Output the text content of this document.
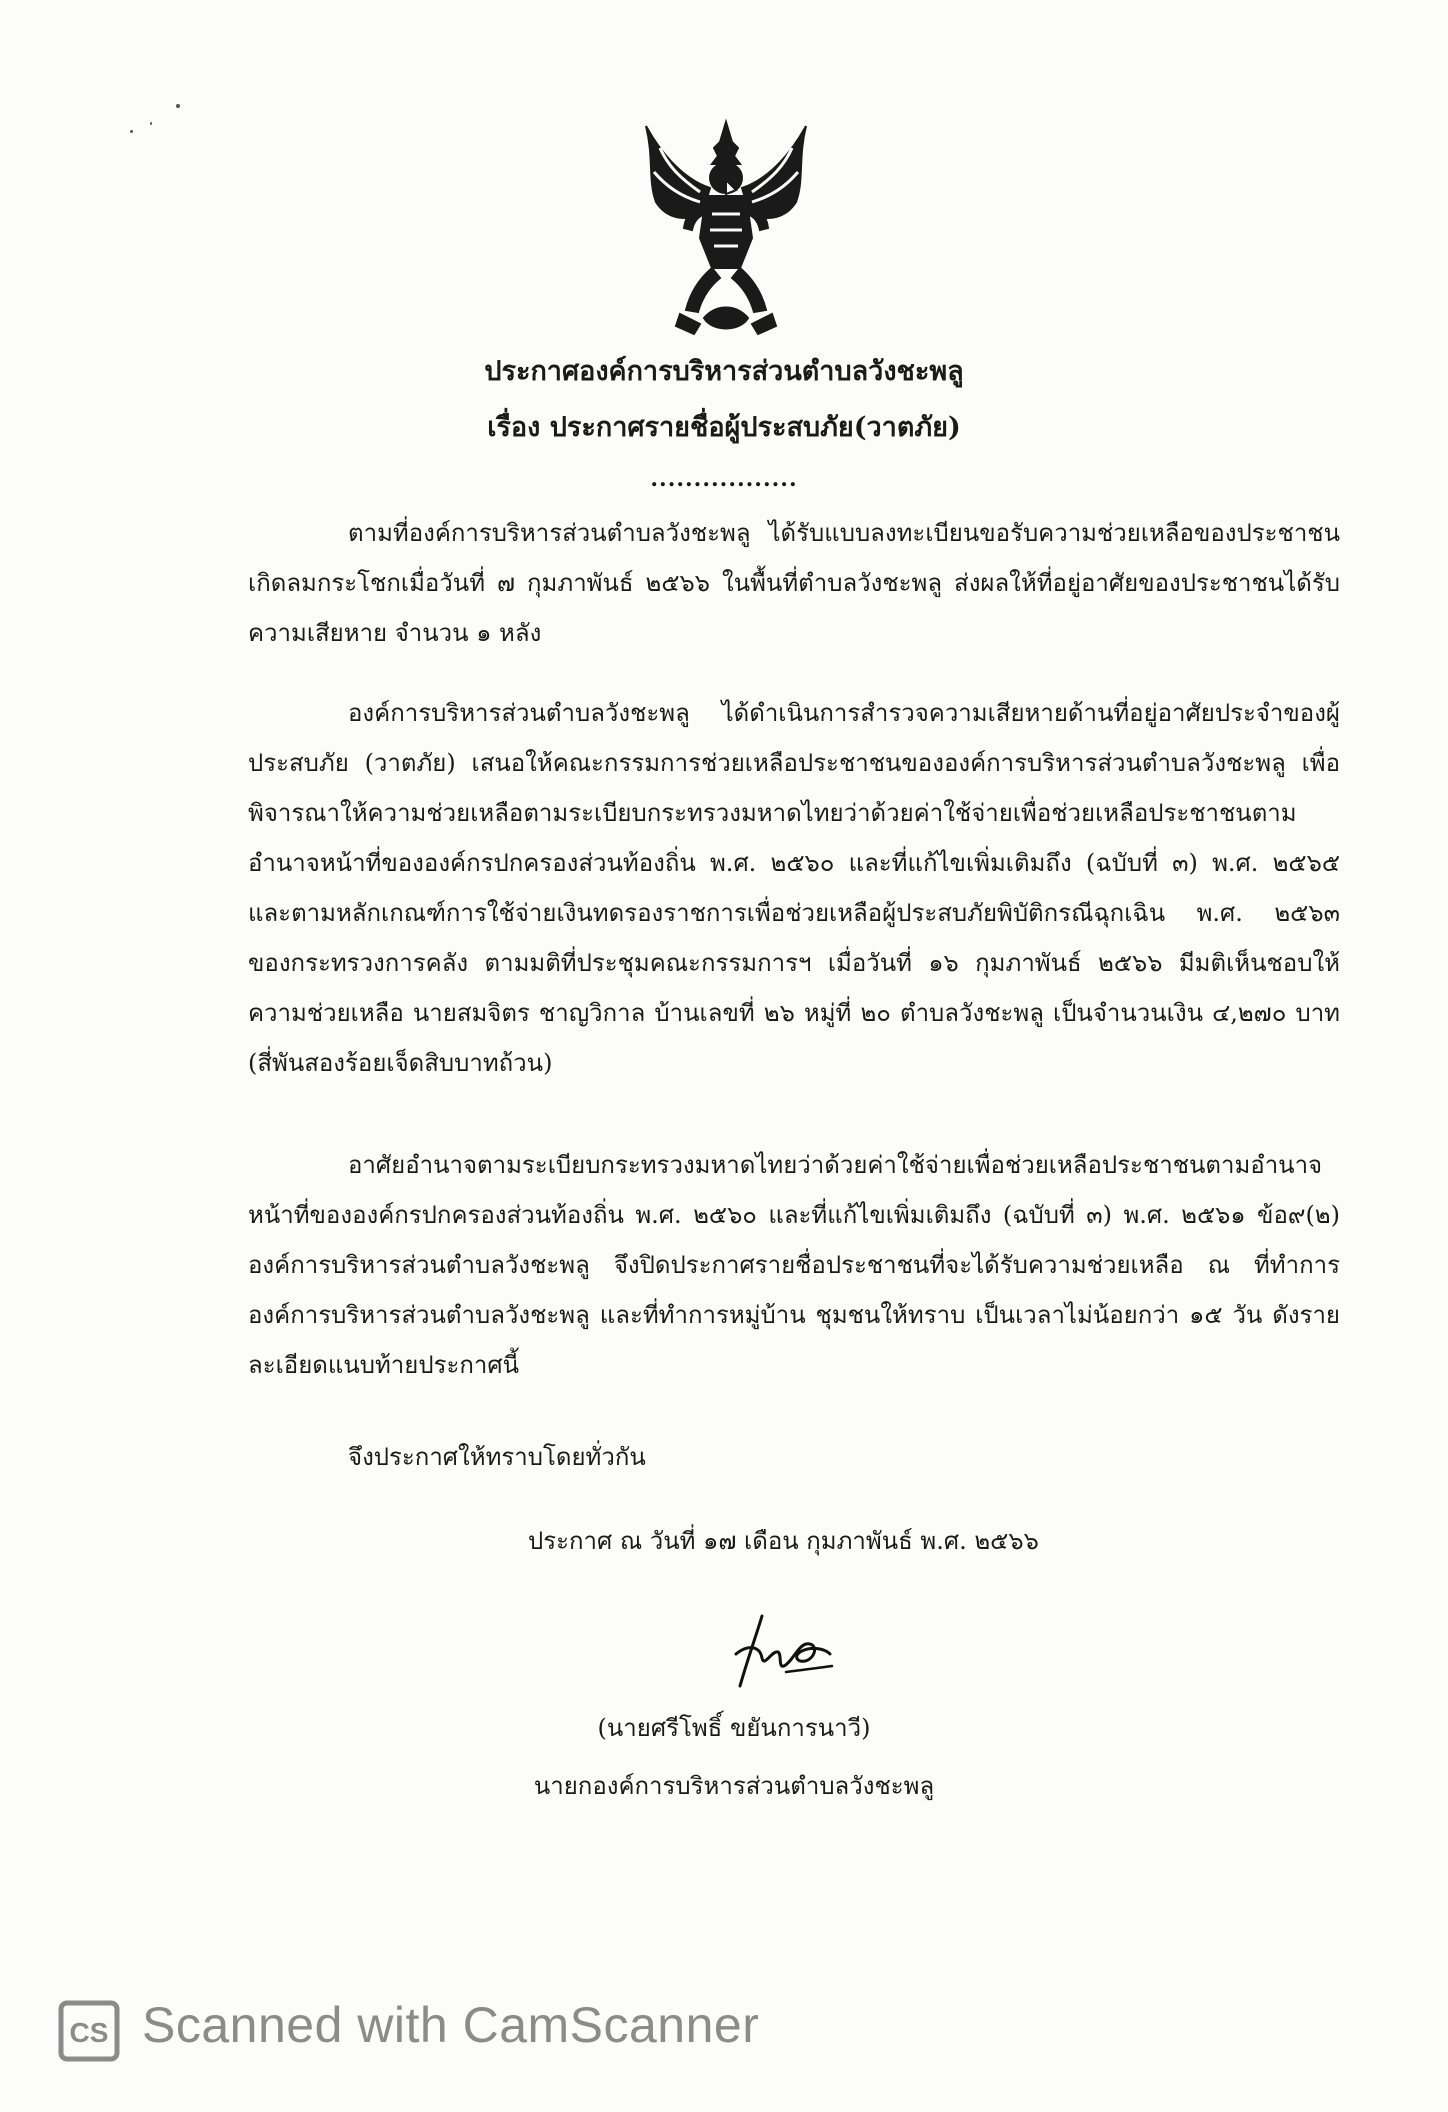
ประกาศองค์การบริหารส่วนตำบลวังชะพลู
เรื่อง ประกาศรายชื่อผู้ประสบภัย(วาตภัย)
.................

ตามที่องค์การบริหารส่วนตำบลวังชะพลู ได้รับแบบลงทะเบียนขอรับความช่วยเหลือของประชาชน เกิดลมกระโชกเมื่อวันที่ ๗ กุมภาพันธ์ ๒๕๖๖ ในพื้นที่ตำบลวังชะพลู ส่งผลให้ที่อยู่อาศัยของประชาชนได้รับความเสียหาย จำนวน ๑ หลัง

องค์การบริหารส่วนตำบลวังชะพลู ได้ดำเนินการสำรวจความเสียหายด้านที่อยู่อาศัยประจำของผู้ประสบภัย (วาตภัย) เสนอให้คณะกรรมการช่วยเหลือประชาชนขององค์การบริหารส่วนตำบลวังชะพลู เพื่อพิจารณาให้ความช่วยเหลือตามระเบียบกระทรวงมหาดไทยว่าด้วยค่าใช้จ่ายเพื่อช่วยเหลือประชาชนตามอำนาจหน้าที่ขององค์กรปกครองส่วนท้องถิ่น พ.ศ. ๒๕๖๐ และที่แก้ไขเพิ่มเติมถึง (ฉบับที่ ๓) พ.ศ. ๒๕๖๕ และตามหลักเกณฑ์การใช้จ่ายเงินทดรองราชการเพื่อช่วยเหลือผู้ประสบภัยพิบัติกรณีฉุกเฉิน พ.ศ. ๒๕๖๓ ของกระทรวงการคลัง ตามมติที่ประชุมคณะกรรมการฯ เมื่อวันที่ ๑๖ กุมภาพันธ์ ๒๕๖๖ มีมติเห็นชอบให้ความช่วยเหลือ นายสมจิตร ชาญวิกาล บ้านเลขที่ ๒๖ หมู่ที่ ๒๐ ตำบลวังชะพลู เป็นจำนวนเงิน ๔,๒๗๐ บาท (สี่พันสองร้อยเจ็ดสิบบาทถ้วน)

อาศัยอำนาจตามระเบียบกระทรวงมหาดไทยว่าด้วยค่าใช้จ่ายเพื่อช่วยเหลือประชาชนตามอำนาจหน้าที่ขององค์กรปกครองส่วนท้องถิ่น พ.ศ. ๒๕๖๐ และที่แก้ไขเพิ่มเติมถึง (ฉบับที่ ๓) พ.ศ. ๒๕๖๑ ข้อ๙(๒) องค์การบริหารส่วนตำบลวังชะพลู จึงปิดประกาศรายชื่อประชาชนที่จะได้รับความช่วยเหลือ ณ ที่ทำการองค์การบริหารส่วนตำบลวังชะพลู และที่ทำการหมู่บ้าน ชุมชนให้ทราบ เป็นเวลาไม่น้อยกว่า ๑๕ วัน ดังรายละเอียดแนบท้ายประกาศนี้

จึงประกาศให้ทราบโดยทั่วกัน
ประกาศ ณ วันที่ ๑๗ เดือน กุมภาพันธ์ พ.ศ. ๒๕๖๖
(นายศรีโพธิ์ ขยันการนาวี)
นายกองค์การบริหารส่วนตำบลวังชะพลู
CS Scanned with CamScanner
